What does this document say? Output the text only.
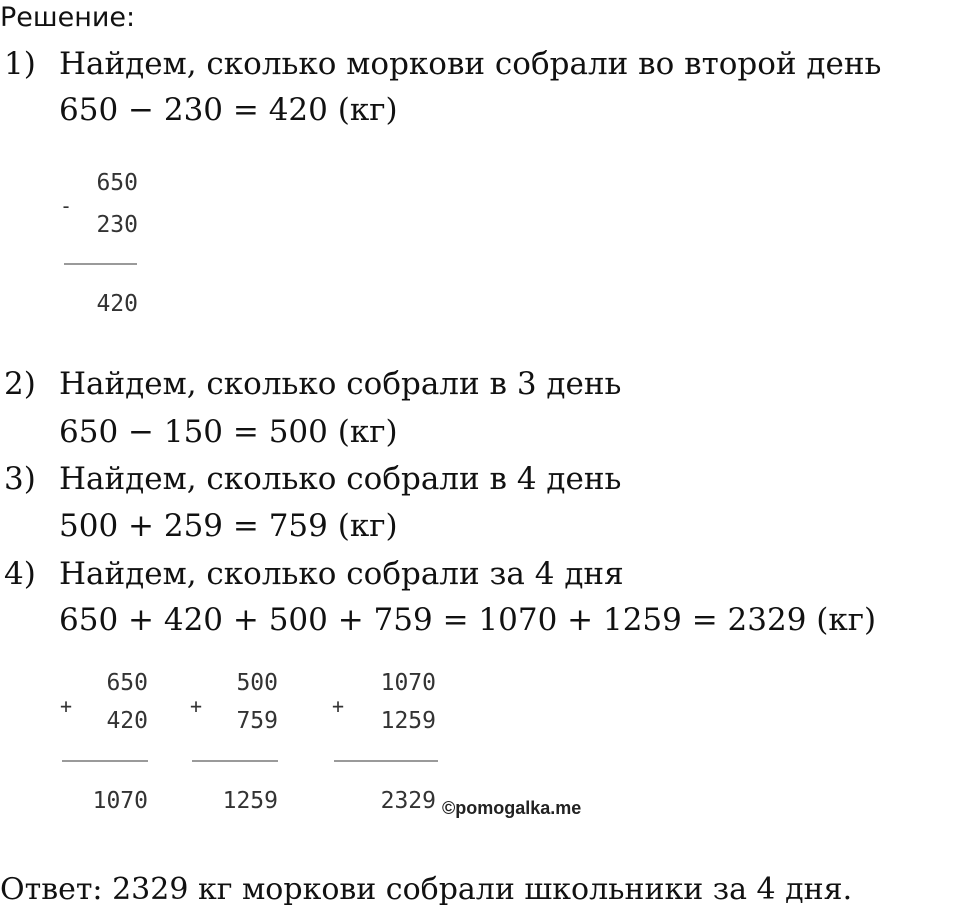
Решение:
1) Найдем, сколько моркови собрали во второй день
650 − 230 = 420 (кг)
-
650
230
420
2) Найдем, сколько собрали в 3 день
650 − 150 = 500 (кг)
3) Найдем, сколько собрали в 4 день
500 + 259 = 759 (кг)
4) Найдем, сколько собрали за 4 дня
650 + 420 + 500 + 759 = 1070 + 1259 = 2329 (кг)
+
650
420
1070
+
500
759
1259
+
1070
1259
2329 ©pomogalka.me
Ответ: 2329 кг моркови собрали школьники за 4 дня.
